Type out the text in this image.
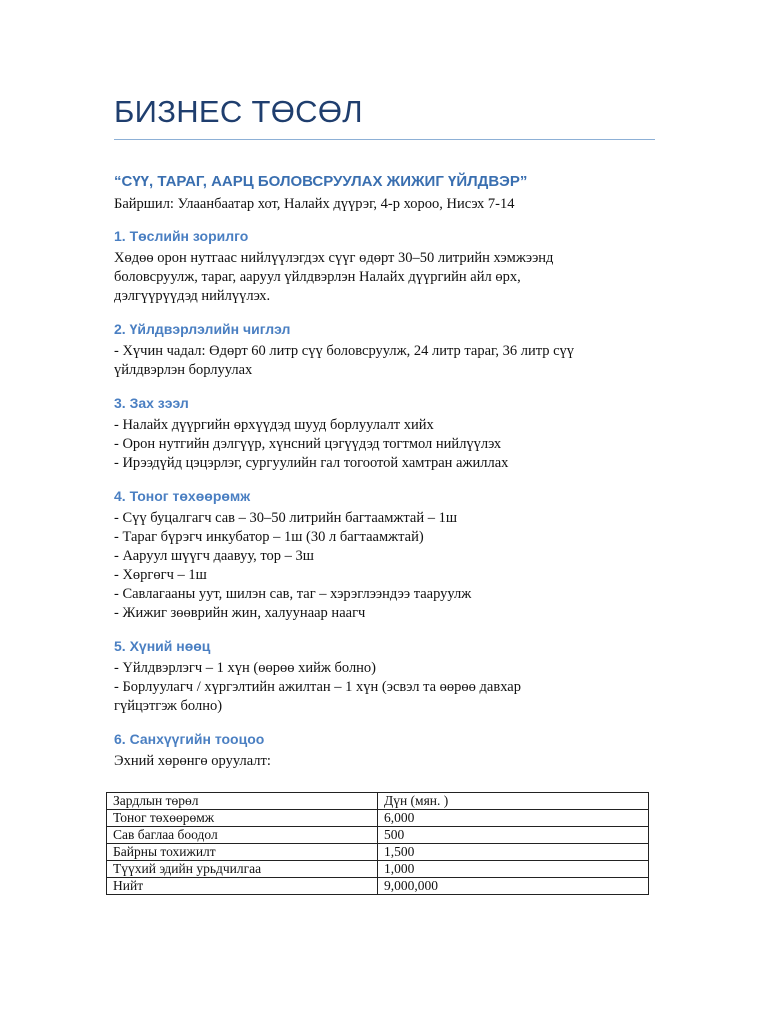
БИЗНЕС ТӨСӨЛ

“СҮҮ, ТАРАГ, ААРЦ БОЛОВСРУУЛАХ ЖИЖИГ ҮЙЛДВЭР”

Байршил: Улаанбаатар хот, Налайх дүүрэг, 4-р хороо, Нисэх 7-14

1. Төслийн зорилго

Хөдөө орон нутгаас нийлүүлэгдэх сүүг өдөрт 30–50 литрийн хэмжээнд

боловсруулж, тараг, ааруул үйлдвэрлэн Налайх дүүргийн айл өрх,

дэлгүүрүүдэд нийлүүлэх.

2. Үйлдвэрлэлийн чиглэл

- Хүчин чадал: Өдөрт 60 литр сүү боловсруулж, 24 литр тараг, 36 литр сүү

үйлдвэрлэн борлуулах

3. Зах зээл

- Налайх дүүргийн өрхүүдэд шууд борлуулалт хийх

- Орон нутгийн дэлгүүр, хүнсний цэгүүдэд тогтмол нийлүүлэх

- Ирээдүйд цэцэрлэг, сургуулийн гал тогоотой хамтран ажиллах

4. Тоног төхөөрөмж

- Сүү буцалгагч сав – 30–50 литрийн багтаамжтай – 1ш

- Тараг бүрэгч инкубатор – 1ш (30 л багтаамжтай)

- Ааруул шүүгч даавуу, тор – 3ш

- Хөргөгч – 1ш

- Савлагааны уут, шилэн сав, таг – хэрэглээндээ тааруулж

- Жижиг зөөврийн жин, халуунаар наагч

5. Хүний нөөц

- Үйлдвэрлэгч – 1 хүн (өөрөө хийж болно)

- Борлуулагч / хүргэлтийн ажилтан – 1 хүн (эсвэл та өөрөө давхар

гүйцэтгэж болно)

6. Санхүүгийн тооцоо

Эхний хөрөнгө оруулалт:

Зардлын төрөл	Дүн (мян. )
Тоног төхөөрөмж	6,000
Сав баглаа боодол	500
Байрны тохижилт	1,500
Түүхий эдийн урьдчилгаа	1,000
Нийт	9,000,000
